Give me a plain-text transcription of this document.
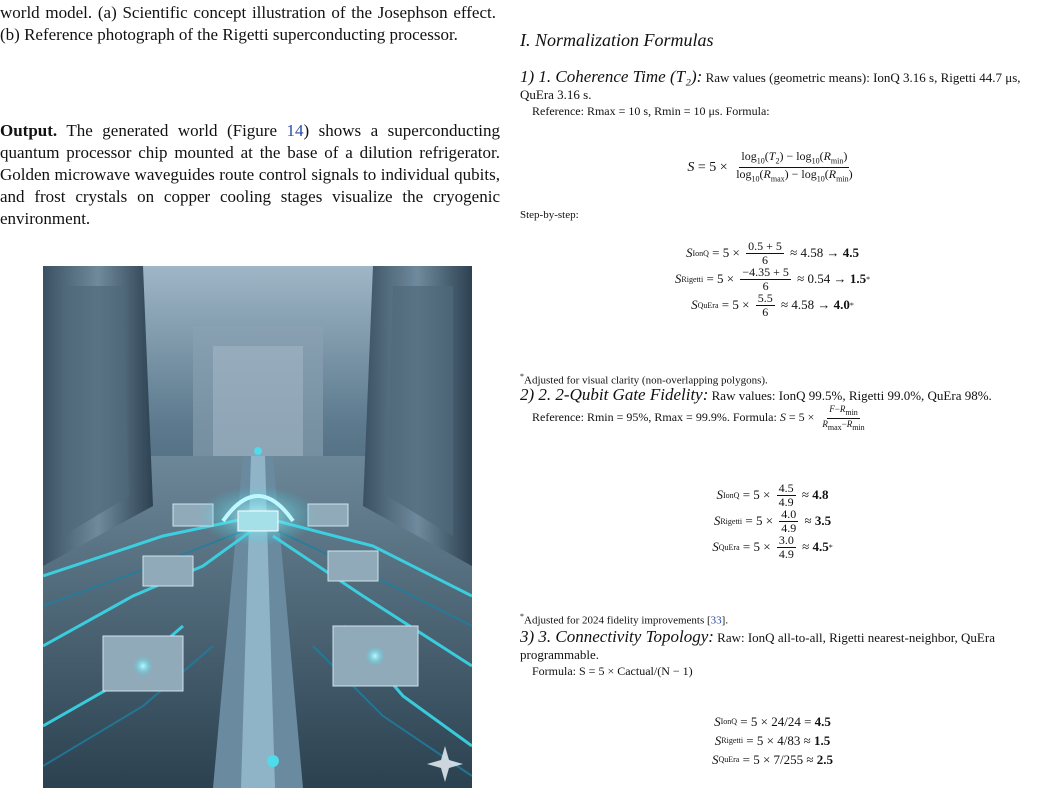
world model. (a) Scientific concept illustration of the Josephson effect. (b) Reference photograph of the Rigetti superconducting processor.

Output. The generated world (Figure 14) shows a superconducting quantum processor chip mounted at the base of a dilution refrigerator. Golden microwave waveguides route control signals to individual qubits, and frost crystals on copper cooling stages visualize the cryogenic environment.

I. Normalization Formulas
1) 1. Coherence Time (T₂): Raw values (geometric means): IonQ 3.16 s, Rigetti 44.7 μs, QuEra 3.16 s.
Reference: Rmax = 10 s, Rmin = 10 μs. Formula:
$S = 5 \times \frac{\log_{10}(T_2) - \log_{10}(R_{min})}{\log_{10}(R_{max}) - \log_{10}(R_{min})}$
Step-by-step:
S IonQ = $5 \times \frac{0.5 + 5}{6} \approx 4.58 \to 4.5$
S Rigetti = $5 \times \frac{-4.35 + 5}{6} \approx 0.54 \to 1.5$ *
S QuEra = $5 \times \frac{5.5}{6} \approx 4.58 \to 4.0$ *
*Adjusted for visual clarity (non-overlapping polygons).
2) 2. 2-Qubit Gate Fidelity: Raw values: IonQ 99.5%, Rigetti 99.0%, QuEra 98%.
Reference: Rmin = 95%, Rmax = 99.9%. Formula: $S = 5 \times \frac{F-R_{min}}{R_{max}-R_{min}}$
S IonQ = $5 \times \frac{4.5}{4.9} \approx 4.8$
S Rigetti = $5 \times \frac{4.0}{4.9} \approx 3.5$
S QuEra = $5 \times \frac{3.0}{4.9} \approx 4.5$ *
*Adjusted for 2024 fidelity improvements [33].
3) 3. Connectivity Topology: Raw: IonQ all-to-all, Rigetti nearest-neighbor, QuEra programmable.
Formula: S = 5 × Cactual/(N − 1)
S IonQ = 5 × 24/24 = 4.5
S Rigetti = 5 × 4/83 ≈ 1.5
S QuEra = 5 × 7/255 ≈ 2.5
